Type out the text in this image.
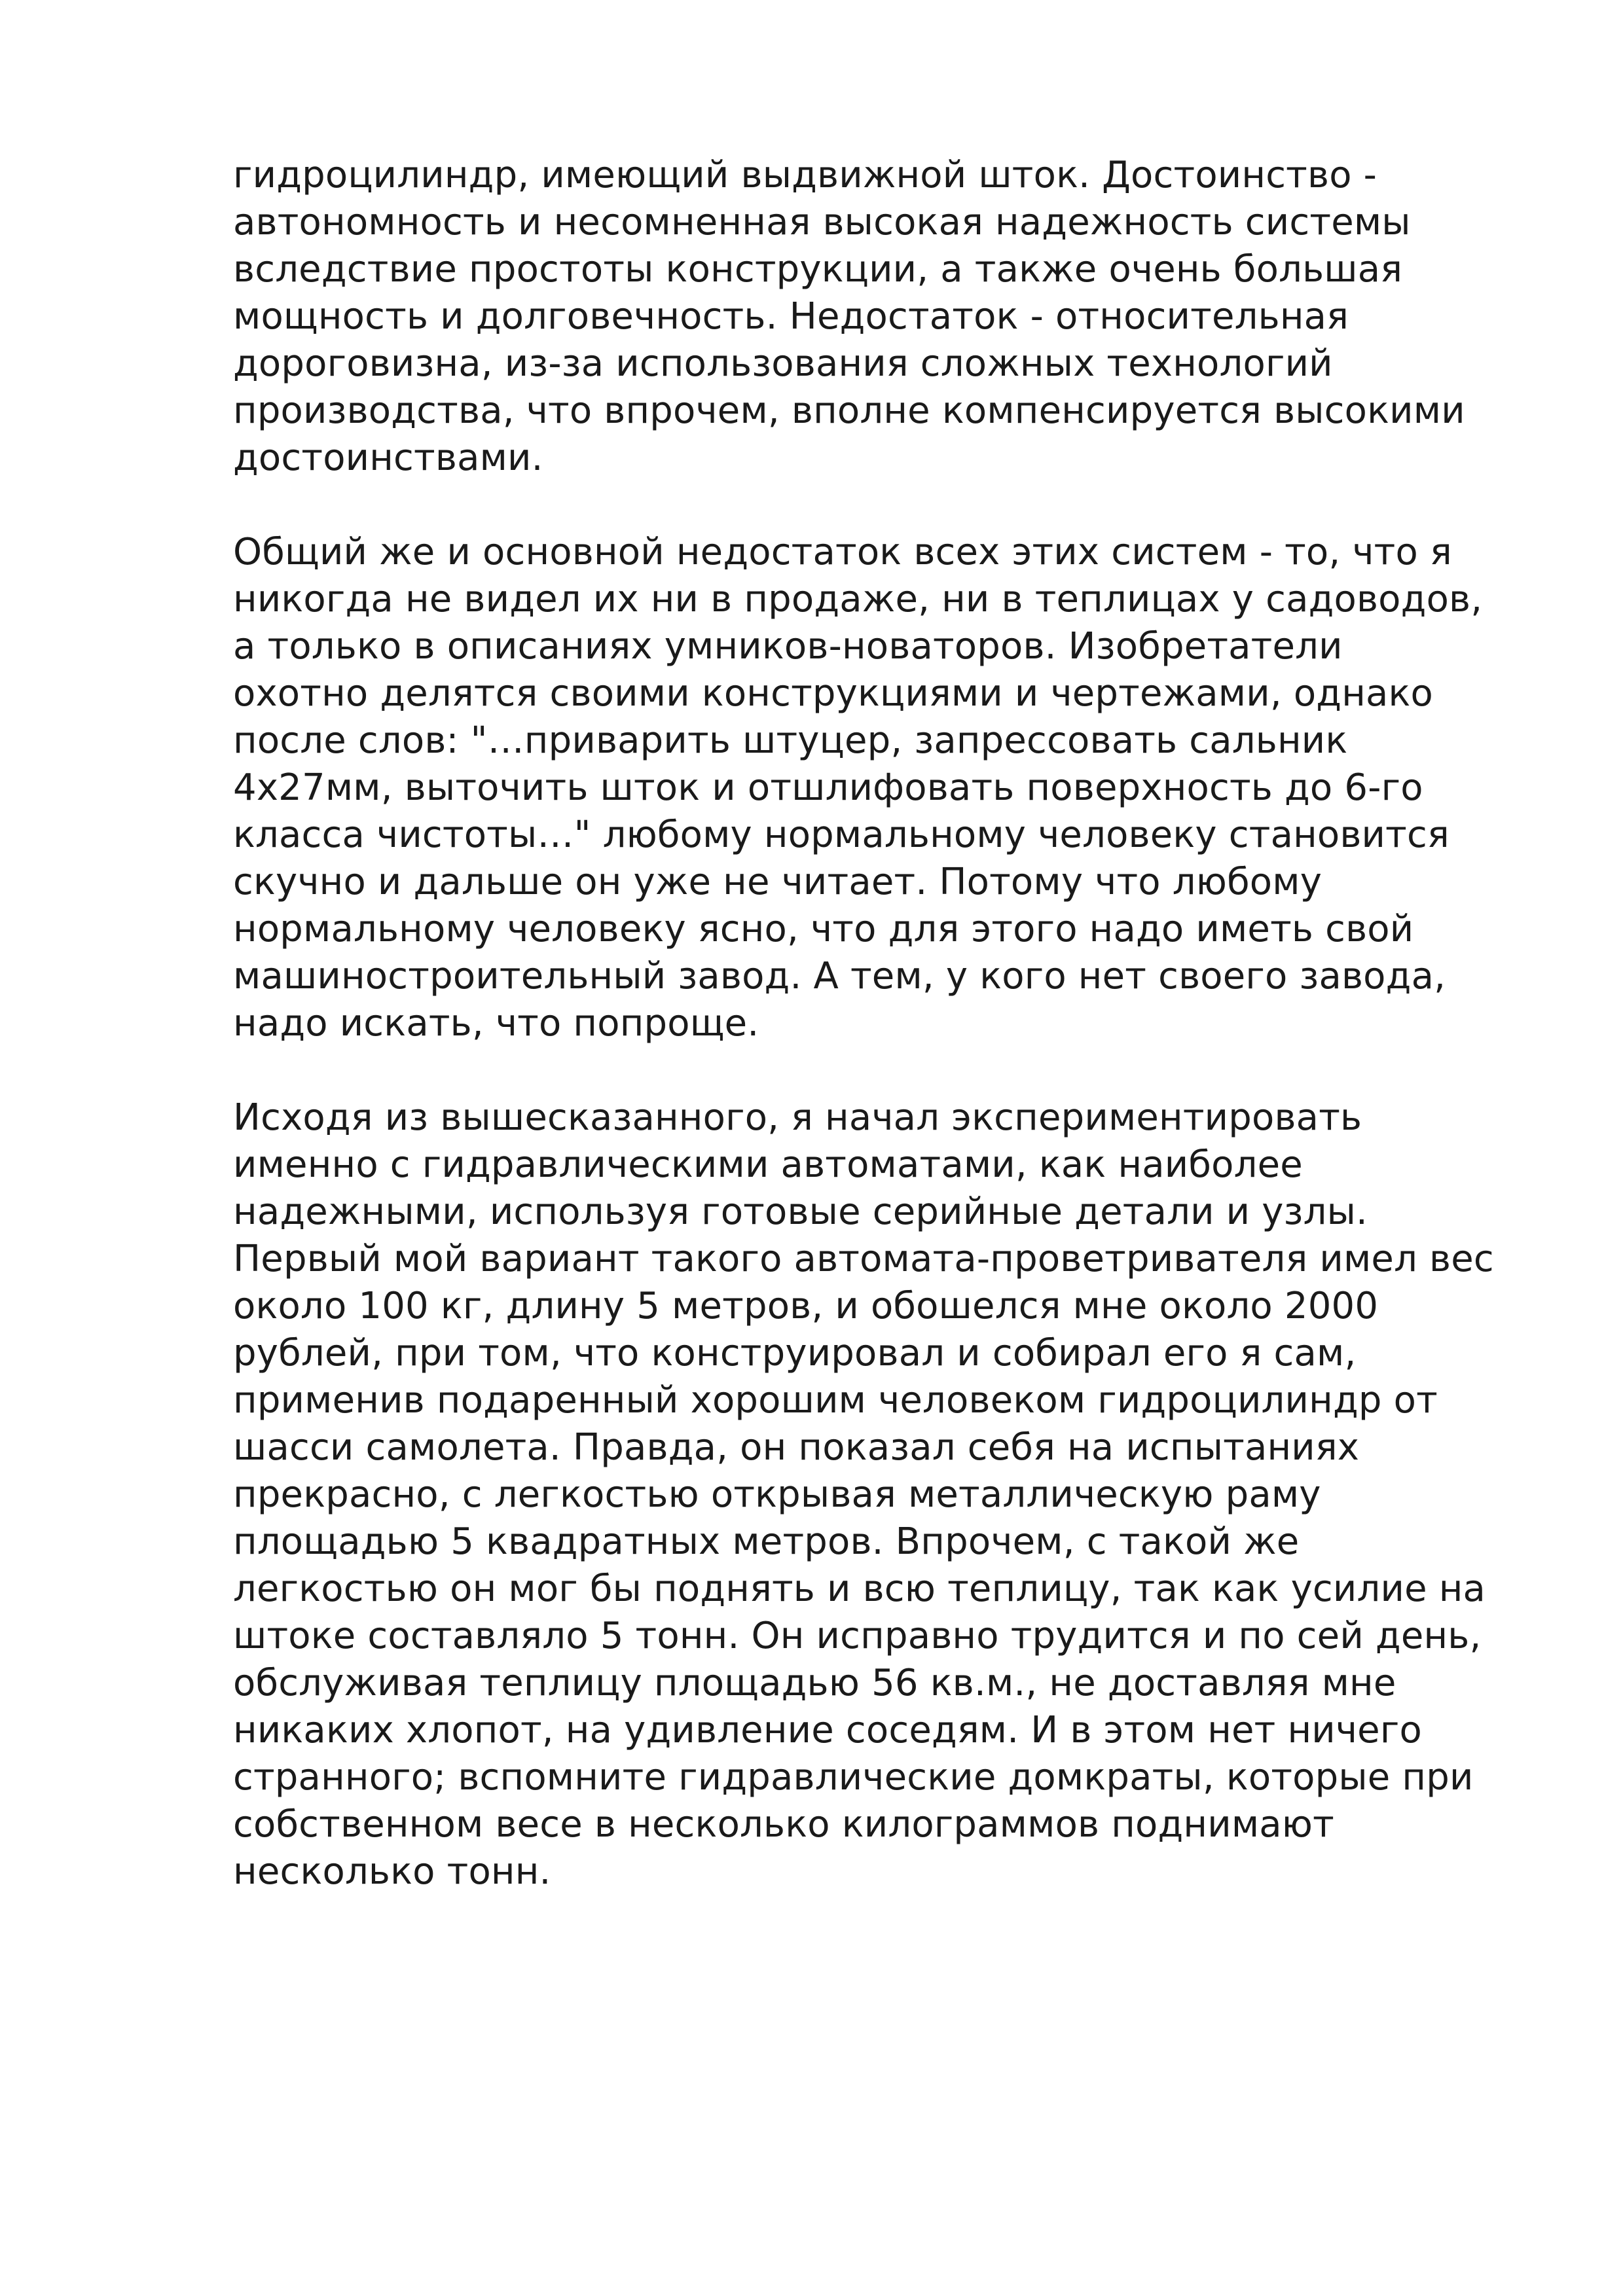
гидроцилиндр, имеющий выдвижной шток. Достоинство -
автономность и несомненная высокая надежность системы
вследствие простоты конструкции, а также очень большая
мощность и долговечность. Недостаток - относительная
дороговизна, из-за использования сложных технологий
производства, что впрочем, вполне компенсируется высокими
достоинствами.

Общий же и основной недостаток всех этих систем - то, что я
никогда не видел их ни в продаже, ни в теплицах у садоводов,
а только в описаниях умников-новаторов. Изобретатели
охотно делятся своими конструкциями и чертежами, однако
после слов: "…приварить штуцер, запрессовать сальник
4х27мм, выточить шток и отшлифовать поверхность до 6-го
класса чистоты…" любому нормальному человеку становится
скучно и дальше он уже не читает. Потому что любому
нормальному человеку ясно, что для этого надо иметь свой
машиностроительный завод. А тем, у кого нет своего завода,
надо искать, что попроще.

Исходя из вышесказанного, я начал экспериментировать
именно с гидравлическими автоматами, как наиболее
надежными, используя готовые серийные детали и узлы.
Первый мой вариант такого автомата-проветривателя имел вес
около 100 кг, длину 5 метров, и обошелся мне около 2000
рублей, при том, что конструировал и собирал его я сам,
применив подаренный хорошим человеком гидроцилиндр от
шасси самолета. Правда, он показал себя на испытаниях
прекрасно, с легкостью открывая металлическую раму
площадью 5 квадратных метров. Впрочем, с такой же
легкостью он мог бы поднять и всю теплицу, так как усилие на
штоке составляло 5 тонн. Он исправно трудится и по сей день,
обслуживая теплицу площадью 56 кв.м., не доставляя мне
никаких хлопот, на удивление соседям. И в этом нет ничего
странного; вспомните гидравлические домкраты, которые при
собственном весе в несколько килограммов поднимают
несколько тонн.
